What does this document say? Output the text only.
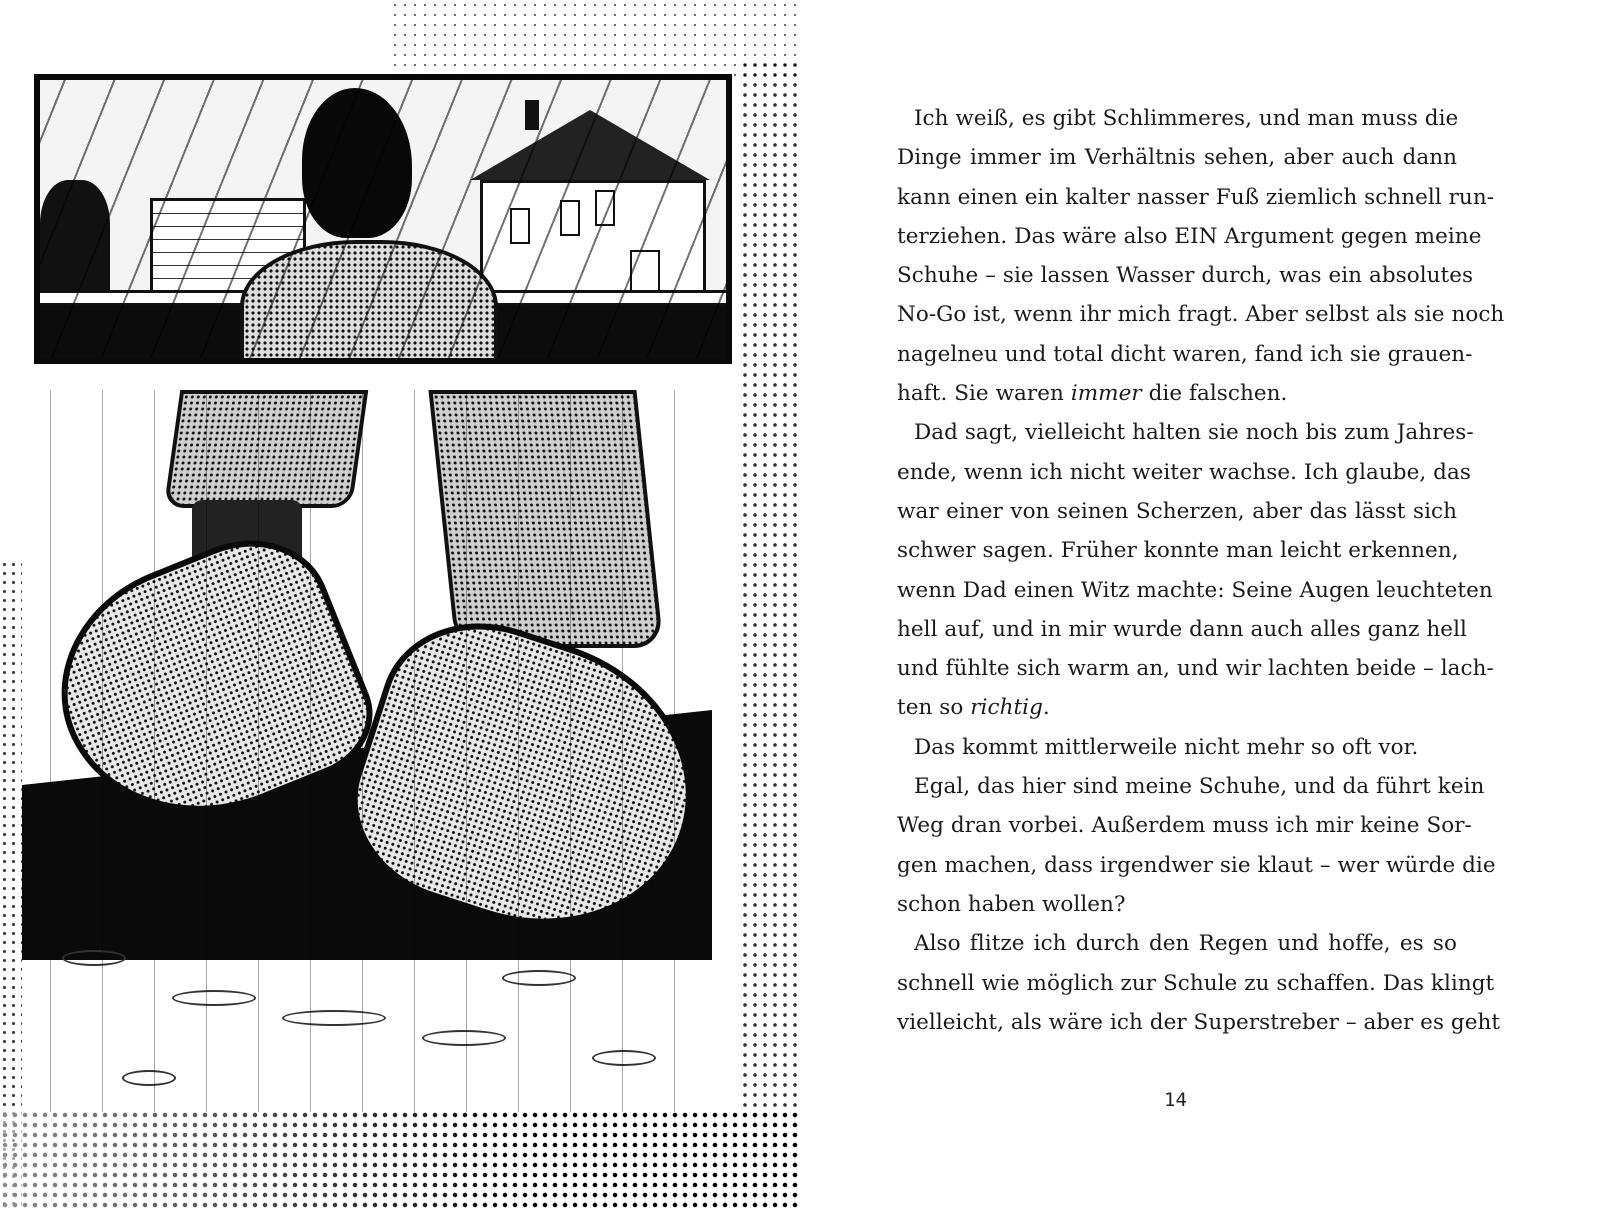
Ich weiß, es gibt Schlimmeres, und man muss die
Dinge immer im Verhältnis sehen, aber auch dann
kann einen ein kalter nasser Fuß ziemlich schnell run-
terziehen. Das wäre also EIN Argument gegen meine
Schuhe – sie lassen Wasser durch, was ein absolutes
No-Go ist, wenn ihr mich fragt. Aber selbst als sie noch
nagelneu und total dicht waren, fand ich sie grauen-
haft. Sie waren immer die falschen.

Dad sagt, vielleicht halten sie noch bis zum Jahres-
ende, wenn ich nicht weiter wachse. Ich glaube, das
war einer von seinen Scherzen, aber das lässt sich
schwer sagen. Früher konnte man leicht erkennen,
wenn Dad einen Witz machte: Seine Augen leuchteten
hell auf, und in mir wurde dann auch alles ganz hell
und fühlte sich warm an, und wir lachten beide – lach-
ten so richtig.

Das kommt mittlerweile nicht mehr so oft vor.

Egal, das hier sind meine Schuhe, und da führt kein
Weg dran vorbei. Außerdem muss ich mir keine Sor-
gen machen, dass irgendwer sie klaut – wer würde die
schon haben wollen?

Also flitze ich durch den Regen und hoffe, es so
schnell wie möglich zur Schule zu schaffen. Das klingt
vielleicht, als wäre ich der Superstreber – aber es geht

14
